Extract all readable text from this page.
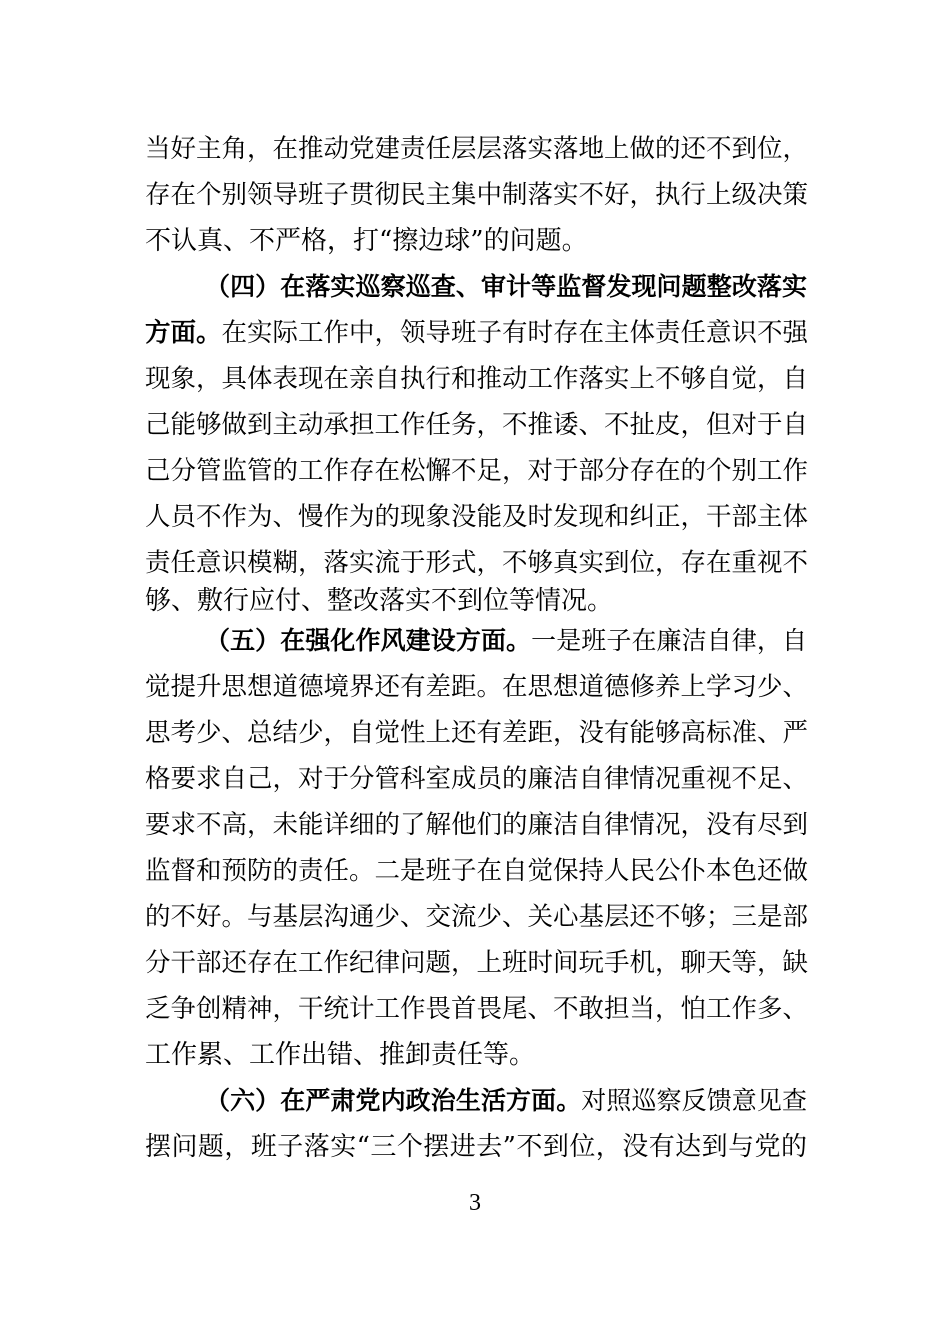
当好主角，在推动党建责任层层落实落地上做的还不到位，
存在个别领导班子贯彻民主集中制落实不好，执行上级决策
不认真、不严格，打“擦边球”的问题。
（四）在落实巡察巡查、审计等监督发现问题整改落实
方面。在实际工作中，领导班子有时存在主体责任意识不强
现象，具体表现在亲自执行和推动工作落实上不够自觉，自
己能够做到主动承担工作任务，不推诿、不扯皮，但对于自
己分管监管的工作存在松懈不足，对于部分存在的个别工作
人员不作为、慢作为的现象没能及时发现和纠正，干部主体
责任意识模糊，落实流于形式，不够真实到位，存在重视不
够、敷行应付、整改落实不到位等情况。
（五）在强化作风建设方面。一是班子在廉洁自律，自
觉提升思想道德境界还有差距。在思想道德修养上学习少、
思考少、总结少，自觉性上还有差距，没有能够高标准、严
格要求自己，对于分管科室成员的廉洁自律情况重视不足、
要求不高，未能详细的了解他们的廉洁自律情况，没有尽到
监督和预防的责任。二是班子在自觉保持人民公仆本色还做
的不好。与基层沟通少、交流少、关心基层还不够；三是部
分干部还存在工作纪律问题，上班时间玩手机，聊天等，缺
乏争创精神，干统计工作畏首畏尾、不敢担当，怕工作多、
工作累、工作出错、推卸责任等。
（六）在严肃党内政治生活方面。对照巡察反馈意见查
摆问题，班子落实“三个摆进去”不到位，没有达到与党的
3
